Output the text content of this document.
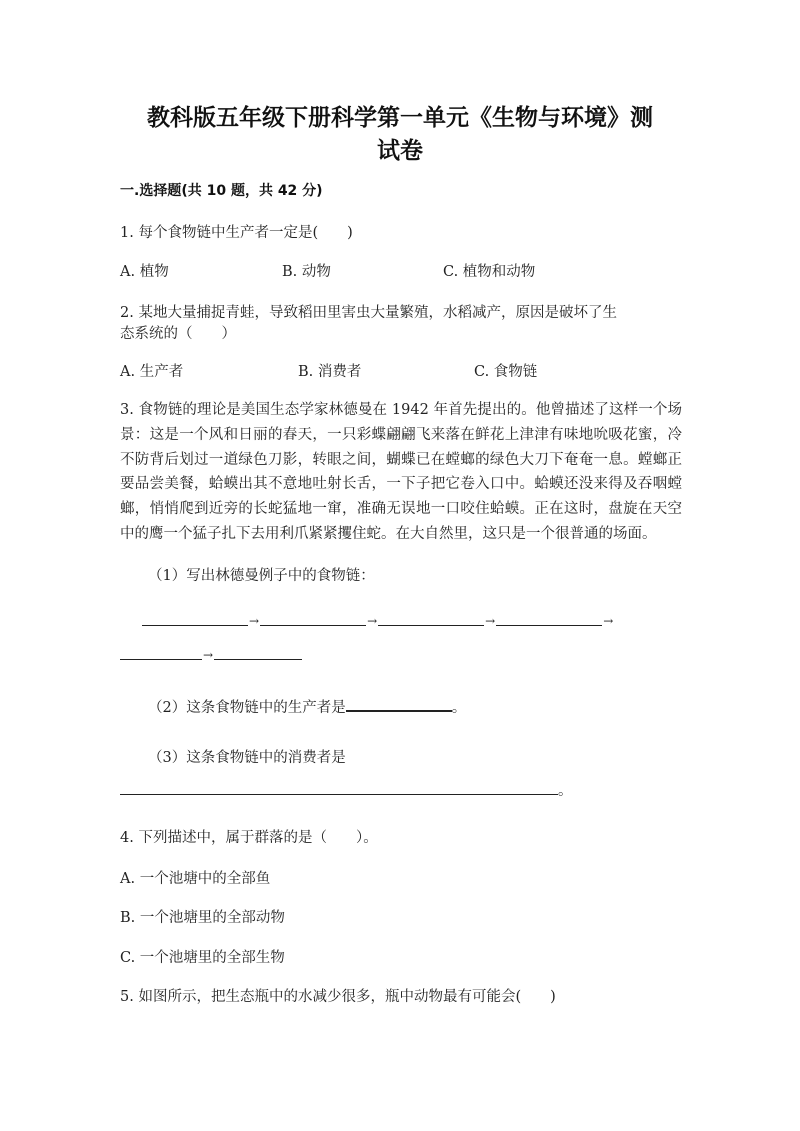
教科版五年级下册科学第一单元《生物与环境》测
试卷
一.选择题(共 10 题，共 42 分)
1. 每个食物链中生产者一定是(　　)
A. 植物	B. 动物	C. 植物和动物
2. 某地大量捕捉青蛙，导致稻田里害虫大量繁殖，水稻减产，原因是破坏了生
态系统的（　　）
A. 生产者	B. 消费者	C. 食物链
3. 食物链的理论是美国生态学家林德曼在 1942 年首先提出的。他曾描述了这样一个场景：这是一个风和日丽的春天，一只彩蝶翩翩飞来落在鲜花上津津有味地吮吸花蜜，冷不防背后划过一道绿色刀影，转眼之间，蝴蝶已在螳螂的绿色大刀下奄奄一息。螳螂正要品尝美餐，蛤蟆出其不意地吐射长舌，一下子把它卷入口中。蛤蟆还没来得及吞咽螳螂，悄悄爬到近旁的长蛇猛地一窜，准确无误地一口咬住蛤蟆。正在这时，盘旋在天空中的鹰一个猛子扎下去用利爪紧紧攫住蛇。在大自然里，这只是一个很普通的场面。
（1）写出林德曼例子中的食物链：
→	→	→	→
→
（2）这条食物链中的生产者是	。
（3）这条食物链中的消费者是
。
4. 下列描述中，属于群落的是（　　）。
A. 一个池塘中的全部鱼
B. 一个池塘里的全部动物
C. 一个池塘里的全部生物
5. 如图所示，把生态瓶中的水减少很多，瓶中动物最有可能会(　　)
